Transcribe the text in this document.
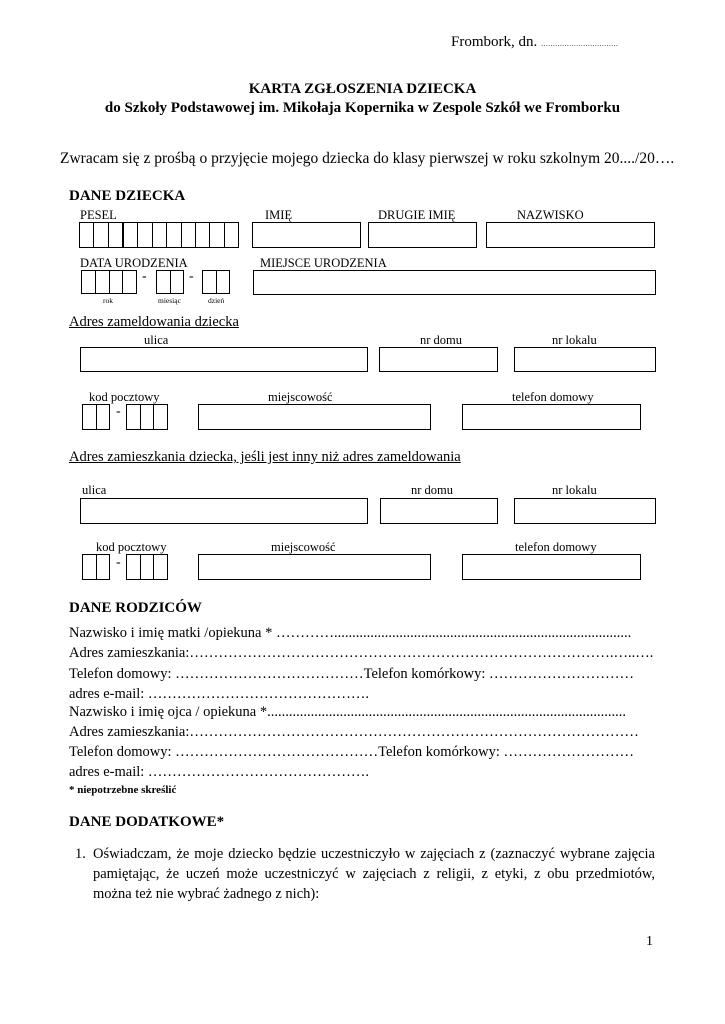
Frombork, dn. ……………………………
KARTA ZGŁOSZENIA DZIECKA
do Szkoły Podstawowej im. Mikołaja Kopernika w Zespole Szkół we Fromborku
Zwracam się z prośbą o przyjęcie mojego dziecka do klasy pierwszej w roku szkolnym 20..../20….
DANE DZIECKA
PESEL	IMIĘ	DRUGIE IMIĘ	NAZWISKO
DATA URODZENIA	MIEJSCE URODZENIA
-	-
rok	miesiąc	dzień
Adres zameldowania dziecka
ulica	nr domu	nr lokalu
kod pocztowy	miejscowość	telefon domowy
-
Adres zamieszkania dziecka, jeśli jest inny niż adres zameldowania
ulica	nr domu	nr lokalu
kod pocztowy	miejscowość	telefon domowy
-
DANE RODZICÓW
Nazwisko i imię matki /opiekuna * …………..................................................................................
Adres zamieszkania:…………………………………………………………………………….…..….
Telefon domowy: …………………………………Telefon komórkowy: …………………………
adres e-mail: ……………………………………….
Nazwisko i imię ojca / opiekuna *...................................................................................................
Adres zamieszkania:…………………………………………………………………………………
Telefon domowy: ……………………………………Telefon komórkowy: ………………………
adres e-mail: ……………………………………….
* niepotrzebne skreślić
DANE DODATKOWE*
1. Oświadczam, że moje dziecko będzie uczestniczyło w zajęciach z (zaznaczyć wybrane zajęcia
pamiętając, że uczeń może uczestniczyć w zajęciach z religii, z etyki, z obu przedmiotów,
można też nie wybrać żadnego z nich):
1
